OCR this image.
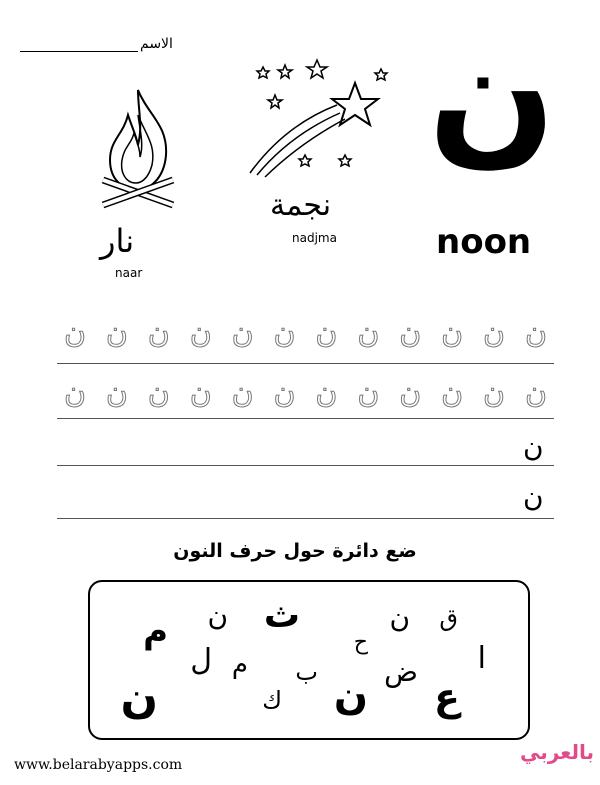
الاسم ن
noon
نجمة
nadjma
نار
naar
ن
ن
ن
ن
ن
ن
ن
ن
ن
ن
ن
ن
ن
ن
ن
ن
ن
ن
ن
ن
ن
ن
ن
ن
ن
ن
ضع دائرة حول حرف النون
ق
ن
ث
ن
م	ح	ا
ض
ب
م
ل
ن
ك	ع
ن
www.belarabyapps.com
بالعربي
